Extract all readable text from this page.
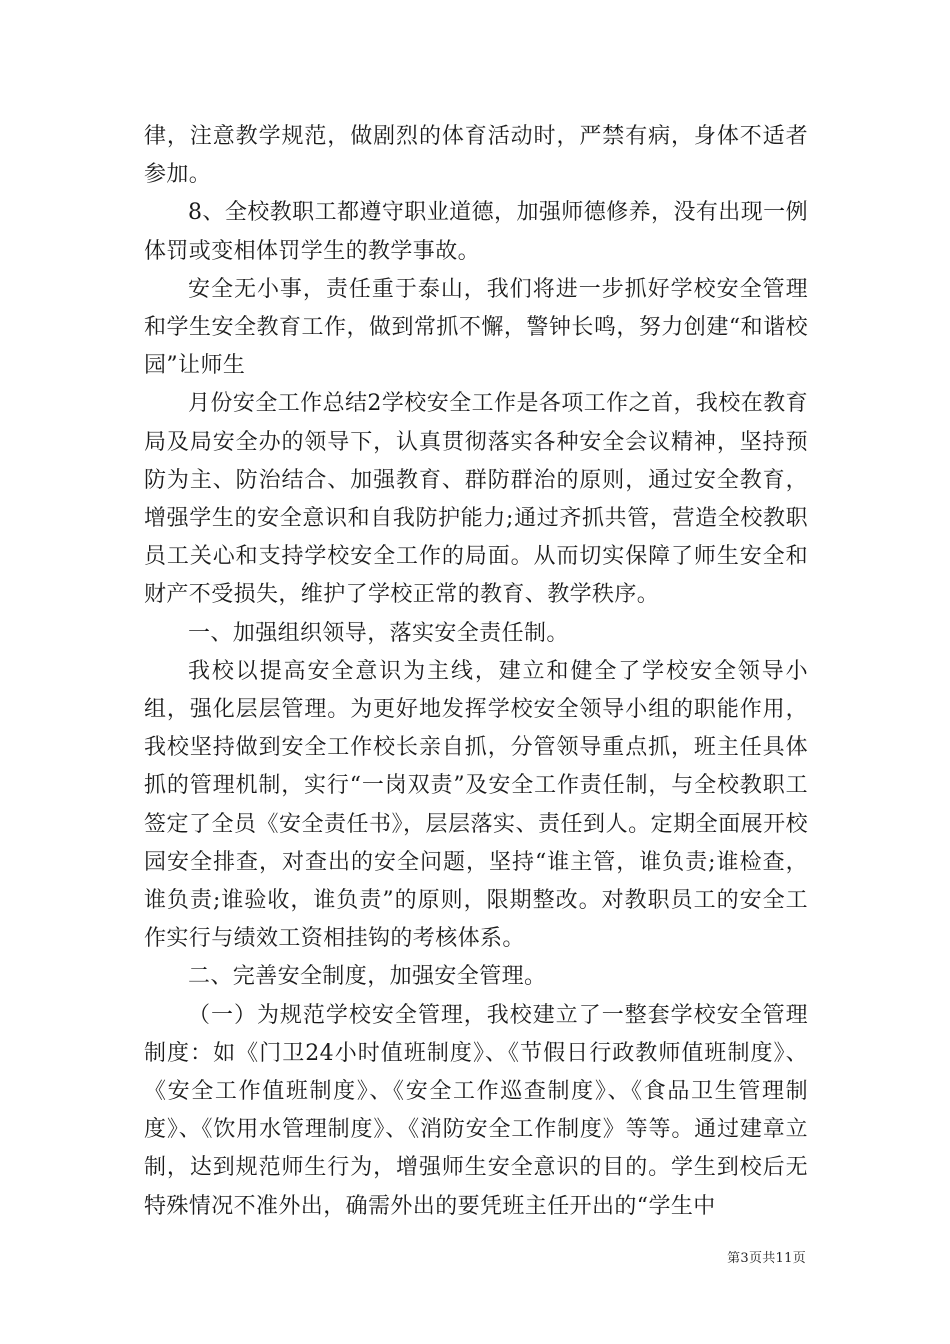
律，注意教学规范，做剧烈的体育活动时，严禁有病，身体不适者参加。

8、全校教职工都遵守职业道德，加强师德修养，没有出现一例体罚或变相体罚学生的教学事故。

安全无小事，责任重于泰山，我们将进一步抓好学校安全管理和学生安全教育工作，做到常抓不懈，警钟长鸣，努力创建“和谐校园”让师生

月份安全工作总结2学校安全工作是各项工作之首，我校在教育局及局安全办的领导下，认真贯彻落实各种安全会议精神，坚持预防为主、防治结合、加强教育、群防群治的原则，通过安全教育，增强学生的安全意识和自我防护能力;通过齐抓共管，营造全校教职员工关心和支持学校安全工作的局面。从而切实保障了师生安全和财产不受损失，维护了学校正常的教育、教学秩序。

一、加强组织领导，落实安全责任制。

我校以提高安全意识为主线，建立和健全了学校安全领导小组，强化层层管理。为更好地发挥学校安全领导小组的职能作用，我校坚持做到安全工作校长亲自抓，分管领导重点抓，班主任具体抓的管理机制，实行“一岗双责”及安全工作责任制，与全校教职工签定了全员《安全责任书》，层层落实、责任到人。定期全面展开校园安全排查，对查出的安全问题，坚持“谁主管，谁负责;谁检查，谁负责;谁验收，谁负责”的原则，限期整改。对教职员工的安全工作实行与绩效工资相挂钩的考核体系。

二、完善安全制度，加强安全管理。

（一）为规范学校安全管理，我校建立了一整套学校安全管理制度：如《门卫24小时值班制度》、《节假日行政教师值班制度》、《安全工作值班制度》、《安全工作巡查制度》、《食品卫生管理制度》、《饮用水管理制度》、《消防安全工作制度》等等。通过建章立制，达到规范师生行为，增强师生安全意识的目的。学生到校后无特殊情况不准外出，确需外出的要凭班主任开出的“学生中

第3页共11页
